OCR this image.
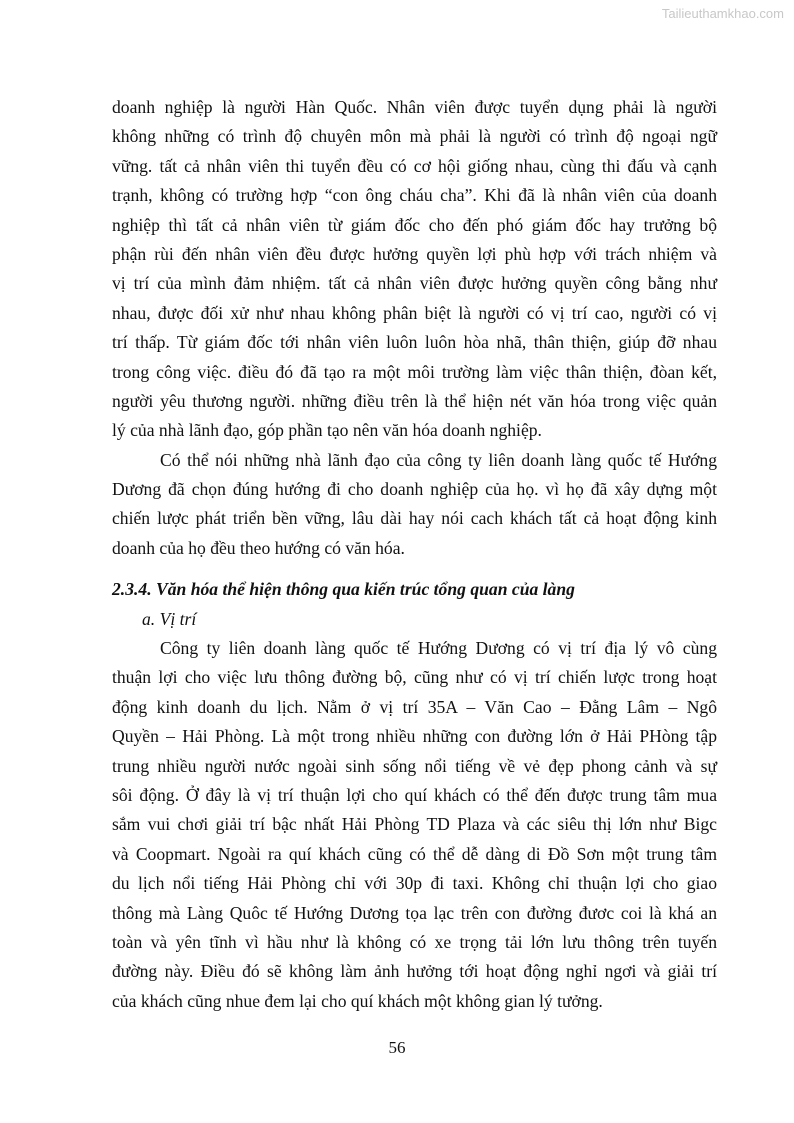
Tailieuthamkhao.com
doanh nghiệp là người Hàn Quốc. Nhân viên được tuyển dụng phải là người
không những có trình độ chuyên môn mà phải là người có trình độ ngoại ngữ
vững. tất cả nhân viên thi tuyển đều có cơ hội giống nhau, cùng thi đấu và cạnh
trạnh, không có trường hợp “con ông cháu cha”. Khi đã là nhân viên của doanh
nghiệp thì tất cả nhân viên từ giám đốc cho đến phó giám đốc hay trưởng bộ
phận rùi đến nhân viên đều được hưởng quyền lợi phù hợp với trách nhiệm và
vị trí của mình đảm nhiệm. tất cả nhân viên được hưởng quyền công bằng như
nhau, được đối xử như nhau không phân biệt là người có vị trí cao, người có vị
trí thấp. Từ giám đốc tới nhân viên luôn luôn hòa nhã, thân thiện, giúp đỡ nhau
trong công việc. điều đó đã tạo ra một môi trường làm việc thân thiện, đòan kết,
người yêu thương người. những điều trên là thể hiện nét văn hóa trong việc quản
lý của nhà lãnh đạo, góp phần tạo nên văn hóa doanh nghiệp.
Có thể nói những nhà lãnh đạo của công ty liên doanh làng quốc tế Hướng
Dương đã chọn đúng hướng đi cho doanh nghiệp của họ. vì họ đã xây dựng một
chiến lược phát triển bền vững, lâu dài hay nói cach khách tất cả hoạt động kinh
doanh của họ đều theo hướng có văn hóa.
2.3.4. Văn hóa thể hiện thông qua kiến trúc tổng quan của làng
a. Vị trí
Công ty liên doanh làng quốc tế Hướng Dương có vị trí địa lý vô cùng
thuận lợi cho việc lưu thông đường bộ, cũng như có vị trí chiến lược trong hoạt
động kinh doanh du lịch. Nằm ở vị trí 35A – Văn Cao – Đằng Lâm – Ngô
Quyền – Hải Phòng. Là một trong nhiều những con đường lớn ở Hải PHòng tập
trung nhiều người nước ngoài sinh sống nổi tiếng về vẻ đẹp phong cảnh và sự
sôi động. Ở đây là vị trí thuận lợi cho quí khách có thể đến được trung tâm mua
sắm vui chơi giải trí bậc nhất Hải Phòng TD Plaza và các siêu thị lớn như Bigc
và Coopmart. Ngoài ra quí khách cũng có thể dễ dàng di Đồ Sơn một trung tâm
du lịch nổi tiếng Hải Phòng chỉ với 30p đi taxi. Không chỉ thuận lợi cho giao
thông mà Làng Quôc tế Hướng Dương tọa lạc trên con đường đươc coi là khá an
toàn và yên tĩnh vì hầu như là không có xe trọng tải lớn lưu thông trên tuyến
đường này. Điều đó sẽ không làm ảnh hưởng tới hoạt động nghỉ ngơi và giải trí
của khách cũng nhue đem lại cho quí khách một không gian lý tưởng.
56
